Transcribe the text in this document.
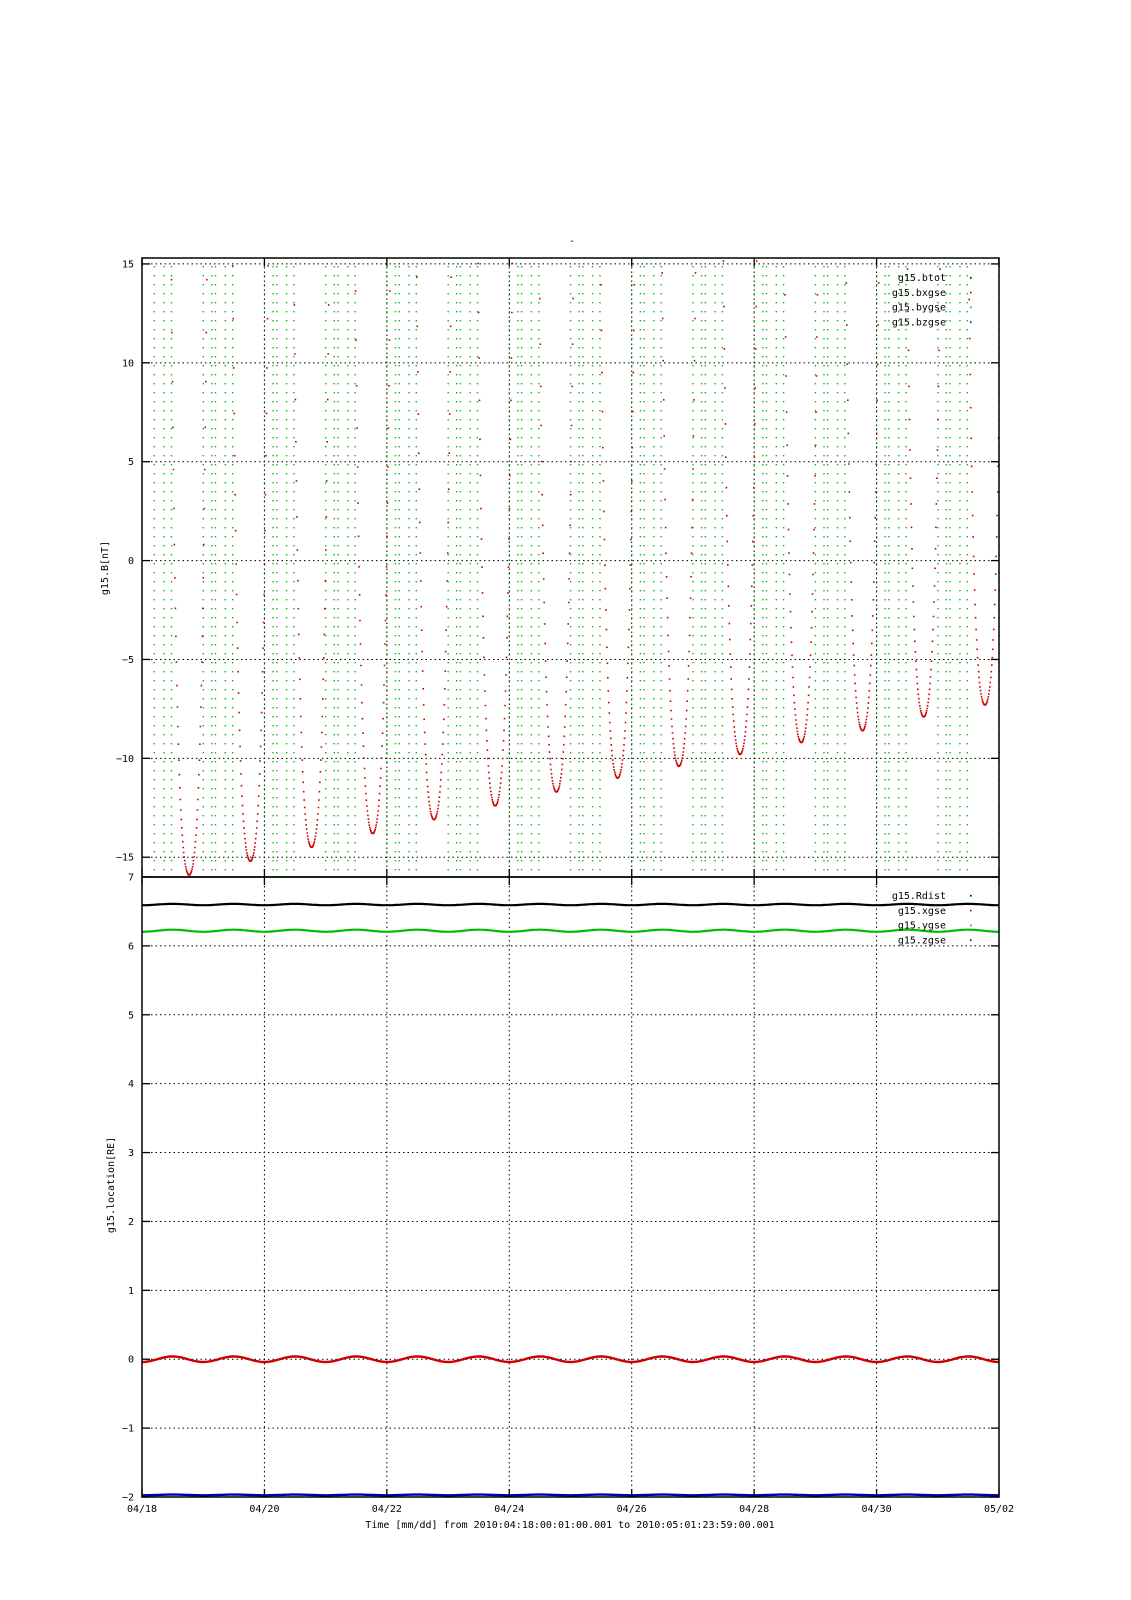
-
−15
−10
−5
0
5
10
15
g15.B[nT]
g15.btot
g15.bxgse
g15.bygse
g15.bzgse
−2
−1
0
1
2
3
4
5
6
7
g15.location[RE]
g15.Rdist
g15.xgse
g15.ygse
g15.zgse
04/18	04/20	04/22	04/24	04/26	04/28	04/30	05/02
Time [mm/dd] from 2010:04:18:00:01:00.001 to 2010:05:01:23:59:00.001
